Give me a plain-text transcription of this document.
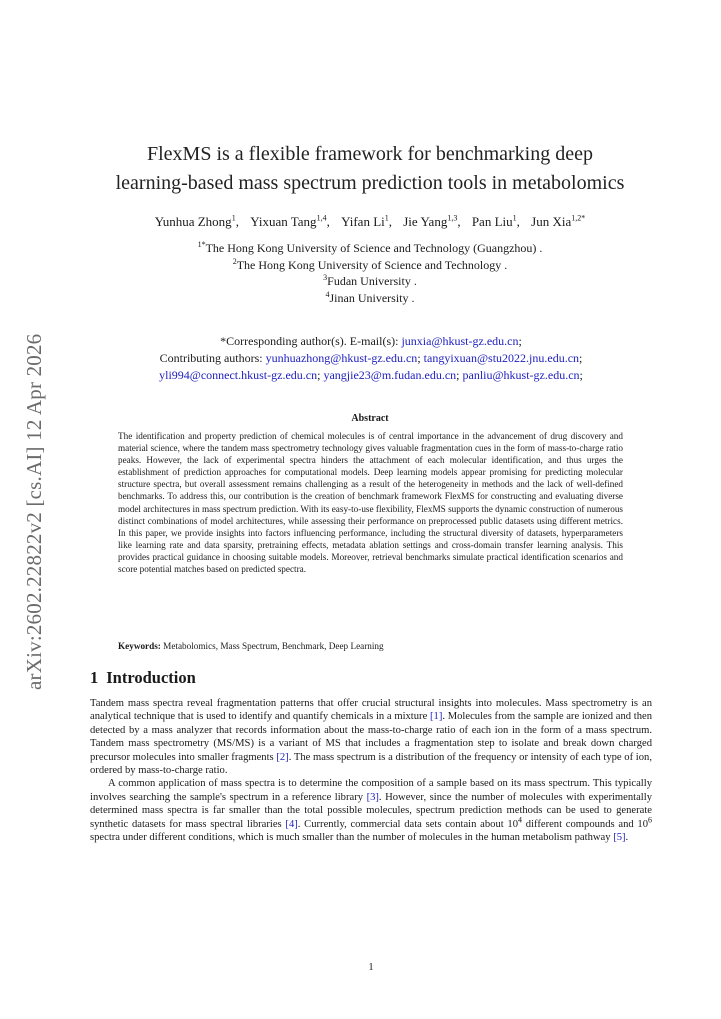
arXiv:2602.22822v2 [cs.AI] 12 Apr 2026
FlexMS is a flexible framework for benchmarking deep
learning-based mass spectrum prediction tools in metabolomics
Yunhua Zhong$^1$, Yixuan Tang$^{1,4}$, Yifan Li$^1$, Jie Yang$^{1,3}$, Pan Liu$^1$, Jun Xia$^{1,2*}$
$^{1*}$The Hong Kong University of Science and Technology (Guangzhou) .
$^2$The Hong Kong University of Science and Technology .
$^3$Fudan University .
$^4$Jinan University .
*Corresponding author(s). E-mail(s): junxia@hkust-gz.edu.cn;
Contributing authors: yunhuazhong@hkust-gz.edu.cn; tangyixuan@stu2022.jnu.edu.cn;
yli994@connect.hkust-gz.edu.cn; yangjie23@m.fudan.edu.cn; panliu@hkust-gz.edu.cn;
Abstract
The identification and property prediction of chemical molecules is of central importance in the advancement of drug discovery and material science, where the tandem mass spectrometry technology gives valuable fragmentation cues in the form of mass-to-charge ratio peaks. However, the lack of experimental spectra hinders the attachment of each molecular identification, and thus urges the establishment of prediction approaches for computational models. Deep learning models appear promising for predicting molecular structure spectra, but overall assessment remains challenging as a result of the heterogeneity in methods and the lack of well-defined benchmarks. To address this, our contribution is the creation of benchmark framework FlexMS for constructing and evaluating diverse model architectures in mass spectrum prediction. With its easy-to-use flexibility, FlexMS supports the dynamic construction of numerous distinct combinations of model architectures, while assessing their performance on preprocessed public datasets using different metrics. In this paper, we provide insights into factors influencing performance, including the structural diversity of datasets, hyperparameters like learning rate and data sparsity, pretraining effects, metadata ablation settings and cross-domain transfer learning analysis. This provides practical guidance in choosing suitable models. Moreover, retrieval benchmarks simulate practical identification scenarios and score potential matches based on predicted spectra.
Keywords: Metabolomics, Mass Spectrum, Benchmark, Deep Learning
1 Introduction

Tandem mass spectra reveal fragmentation patterns that offer crucial structural insights into molecules. Mass spectrometry is an analytical technique that is used to identify and quantify chemicals in a mixture [1]. Molecules from the sample are ionized and then detected by a mass analyzer that records information about the mass-to-charge ratio of each ion in the form of a mass spectrum. Tandem mass spectrometry (MS/MS) is a variant of MS that includes a fragmentation step to isolate and break down charged precursor molecules into smaller fragments [2]. The mass spectrum is a distribution of the frequency or intensity of each type of ion, ordered by mass-to-charge ratio.

A common application of mass spectra is to determine the composition of a sample based on its mass spectrum. This typically involves searching the sample's spectrum in a reference library [3]. However, since the number of molecules with experimentally determined mass spectra is far smaller than the total possible molecules, spectrum prediction methods can be used to generate synthetic datasets for mass spectral libraries [4]. Currently, commercial data sets contain about $10^4$ different compounds and $10^6$ spectra under different conditions, which is much smaller than the number of molecules in the human metabolism pathway [5].

1
